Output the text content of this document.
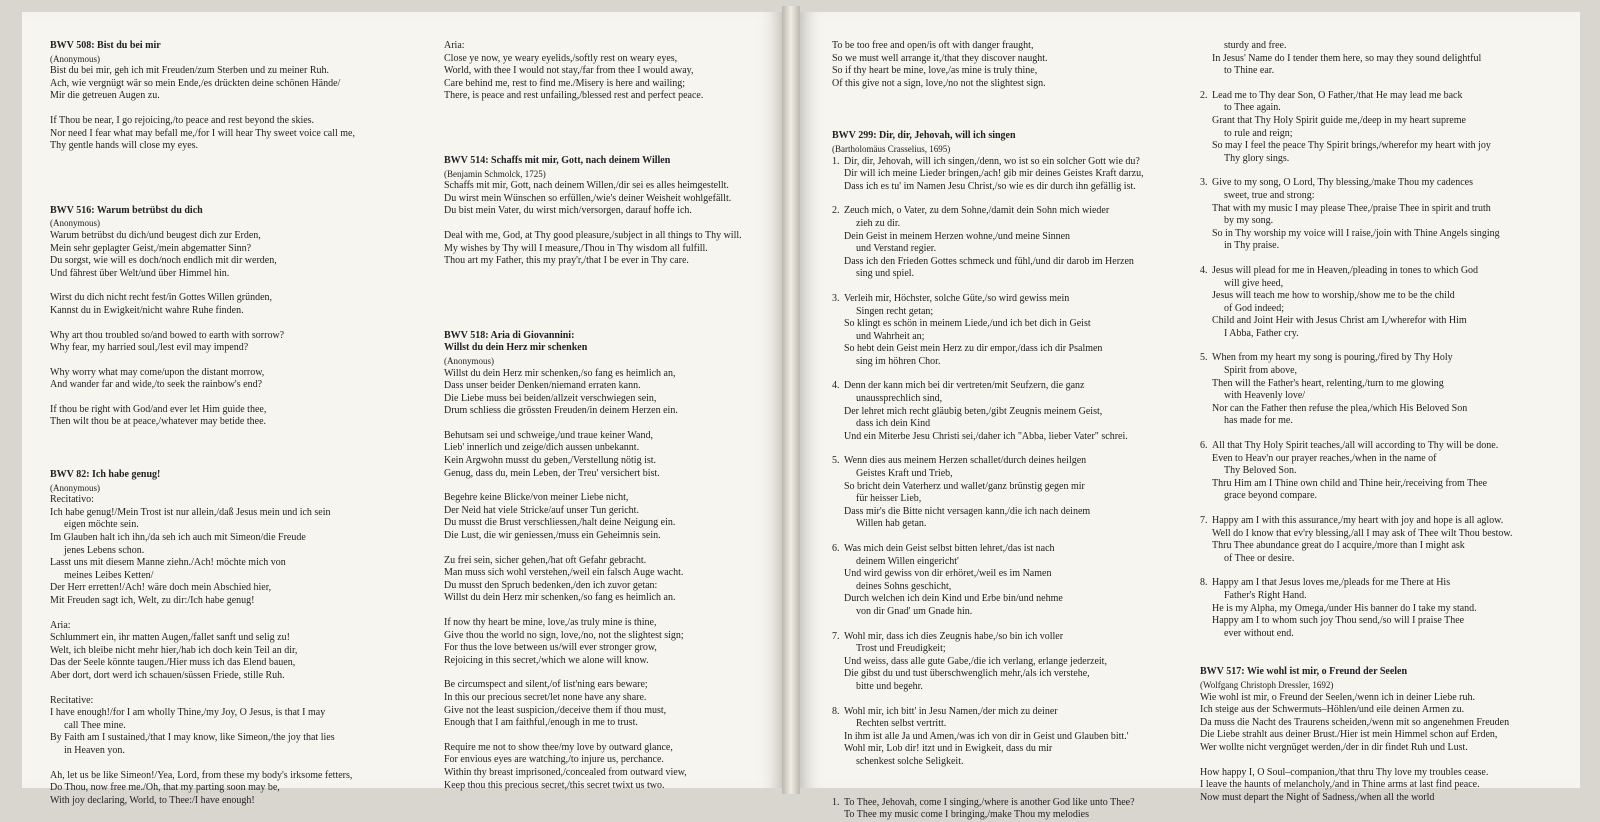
BWV 508: Bist du bei mir
(Anonymous)
Bist du bei mir, geh ich mit Freuden/zum Sterben und zu meiner Ruh.
Ach, wie vergnügt wär so mein Ende,/es drückten deine schönen Hände/
Mir die getreuen Augen zu.
If Thou be near, I go rejoicing,/to peace and rest beyond the skies.
Nor need I fear what may befall me,/for I will hear Thy sweet voice call me,
Thy gentle hands will close my eyes.
BWV 516: Warum betrübst du dich
(Anonymous)
Warum betrübst du dich/und beugest dich zur Erden,
Mein sehr geplagter Geist,/mein abgematter Sinn?
Du sorgst, wie will es doch/noch endlich mit dir werden,
Und fährest über Welt/und über Himmel hin.
Wirst du dich nicht recht fest/in Gottes Willen gründen,
Kannst du in Ewigkeit/nicht wahre Ruhe finden.
Why art thou troubled so/and bowed to earth with sorrow?
Why fear, my harried soul,/lest evil may impend?
Why worry what may come/upon the distant morrow,
And wander far and wide,/to seek the rainbow's end?
If thou be right with God/and ever let Him guide thee,
Then wilt thou be at peace,/whatever may betide thee.
BWV 82: Ich habe genug!
(Anonymous)
Recitativo:
Ich habe genug!/Mein Trost ist nur allein,/daß Jesus mein und ich sein
eigen möchte sein.
Im Glauben halt ich ihn,/da seh ich auch mit Simeon/die Freude
jenes Lebens schon.
Lasst uns mit diesem Manne ziehn./Ach! möchte mich von
meines Leibes Ketten/
Der Herr erretten!/Ach! wäre doch mein Abschied hier,
Mit Freuden sagt ich, Welt, zu dir:/Ich habe genug!
Aria:
Schlummert ein, ihr matten Augen,/fallet sanft und selig zu!
Welt, ich bleibe nicht mehr hier,/hab ich doch kein Teil an dir,
Das der Seele könnte taugen./Hier muss ich das Elend bauen,
Aber dort, dort werd ich schauen/süssen Friede, stille Ruh.
Recitative:
I have enough!/for I am wholly Thine,/my Joy, O Jesus, is that I may
call Thee mine.
By Faith am I sustained,/that I may know, like Simeon,/the joy that lies
in Heaven yon.
Ah, let us be like Simeon!/Yea, Lord, from these my body's irksome fetters,
Do Thou, now free me./Oh, that my parting soon may be,
With joy declaring, World, to Thee:/I have enough!
Aria:
Close ye now, ye weary eyelids,/softly rest on weary eyes,
World, with thee I would not stay,/far from thee I would away,
Care behind me, rest to find me./Misery is here and wailing;
There, is peace and rest unfailing,/blessed rest and perfect peace.
BWV 514: Schaffs mit mir, Gott, nach deinem Willen
(Benjamin Schmolck, 1725)
Schaffs mit mir, Gott, nach deinem Willen,/dir sei es alles heimgestellt.
Du wirst mein Wünschen so erfüllen,/wie's deiner Weisheit wohlgefällt.
Du bist mein Vater, du wirst mich/versorgen, darauf hoffe ich.
Deal with me, God, at Thy good pleasure,/subject in all things to Thy will.
My wishes by Thy will I measure,/Thou in Thy wisdom all fulfill.
Thou art my Father, this my pray'r,/that I be ever in Thy care.
BWV 518: Aria di Giovannini:
Willst du dein Herz mir schenken
(Anonymous)
Willst du dein Herz mir schenken,/so fang es heimlich an,
Dass unser beider Denken/niemand erraten kann.
Die Liebe muss bei beiden/allzeit verschwiegen sein,
Drum schliess die grössten Freuden/in deinem Herzen ein.
Behutsam sei und schweige,/und traue keiner Wand,
Lieb' innerlich und zeige/dich aussen unbekannt.
Kein Argwohn musst du geben,/Verstellung nötig ist.
Genug, dass du, mein Leben, der Treu' versichert bist.
Begehre keine Blicke/von meiner Liebe nicht,
Der Neid hat viele Stricke/auf unser Tun gericht.
Du musst die Brust verschliessen,/halt deine Neigung ein.
Die Lust, die wir geniessen,/muss ein Geheimnis sein.
Zu frei sein, sicher gehen,/hat oft Gefahr gebracht.
Man muss sich wohl verstehen,/weil ein falsch Auge wacht.
Du musst den Spruch bedenken,/den ich zuvor getan:
Willst du dein Herz mir schenken,/so fang es heimlich an.
If now thy heart be mine, love,/as truly mine is thine,
Give thou the world no sign, love,/no, not the slightest sign;
For thus the love between us/will ever stronger grow,
Rejoicing in this secret,/which we alone will know.
Be circumspect and silent,/of list'ning ears beware;
In this our precious secret/let none have any share.
Give not the least suspicion,/deceive them if thou must,
Enough that I am faithful,/enough in me to trust.
Require me not to show thee/my love by outward glance,
For envious eyes are watching,/to injure us, perchance.
Within thy breast imprisoned,/concealed from outward view,
Keep thou this precious secret,/this secret twixt us two.
To be too free and open/is oft with danger fraught,
So we must well arrange it,/that they discover naught.
So if thy heart be mine, love,/as mine is truly thine,
Of this give not a sign, love,/no not the slightest sign.
BWV 299: Dir, dir, Jehovah, will ich singen
(Bartholomäus Crasselius, 1695)
1. Dir, dir, Jehovah, will ich singen,/denn, wo ist so ein solcher Gott wie du?
Dir will ich meine Lieder bringen,/ach! gib mir deines Geistes Kraft darzu,
Dass ich es tu' im Namen Jesu Christ,/so wie es dir durch ihn gefällig ist.
2. Zeuch mich, o Vater, zu dem Sohne,/damit dein Sohn mich wieder
zieh zu dir.
Dein Geist in meinem Herzen wohne,/und meine Sinnen
und Verstand regier.
Dass ich den Frieden Gottes schmeck und fühl,/und dir darob im Herzen
sing und spiel.
3. Verleih mir, Höchster, solche Güte,/so wird gewiss mein
Singen recht getan;
So klingt es schön in meinem Liede,/und ich bet dich in Geist
und Wahrheit an;
So hebt dein Geist mein Herz zu dir empor,/dass ich dir Psalmen
sing im höhren Chor.
4. Denn der kann mich bei dir vertreten/mit Seufzern, die ganz
unaussprechlich sind,
Der lehret mich recht gläubig beten,/gibt Zeugnis meinem Geist,
dass ich dein Kind
Und ein Miterbe Jesu Christi sei,/daher ich "Abba, lieber Vater" schrei.
5. Wenn dies aus meinem Herzen schallet/durch deines heilgen
Geistes Kraft und Trieb,
So bricht dein Vaterherz und wallet/ganz brünstig gegen mir
für heisser Lieb,
Dass mir's die Bitte nicht versagen kann,/die ich nach deinem
Willen hab getan.
6. Was mich dein Geist selbst bitten lehret,/das ist nach
deinem Willen eingericht'
Und wird gewiss von dir erhöret,/weil es im Namen
deines Sohns geschicht,
Durch welchen ich dein Kind und Erbe bin/und nehme
von dir Gnad' um Gnade hin.
7. Wohl mir, dass ich dies Zeugnis habe,/so bin ich voller
Trost und Freudigkeit;
Und weiss, dass alle gute Gabe,/die ich verlang, erlange jederzeit,
Die gibst du und tust überschwenglich mehr,/als ich verstehe,
bitte und begehr.
8. Wohl mir, ich bitt' in Jesu Namen,/der mich zu deiner
Rechten selbst vertritt.
In ihm ist alle Ja und Amen,/was ich von dir in Geist und Glauben bitt.'
Wohl mir, Lob dir! itzt und in Ewigkeit, dass du mir
schenkest solche Seligkeit.
1. To Thee, Jehovah, come I singing,/where is another God like unto Thee?
To Thee my music come I bringing,/make Thou my melodies
sturdy and free.
In Jesus' Name do I tender them here, so may they sound delightful
to Thine ear.
2. Lead me to Thy dear Son, O Father,/that He may lead me back
to Thee again.
Grant that Thy Holy Spirit guide me,/deep in my heart supreme
to rule and reign;
So may I feel the peace Thy Spirit brings,/wherefor my heart with joy
Thy glory sings.
3. Give to my song, O Lord, Thy blessing,/make Thou my cadences
sweet, true and strong:
That with my music I may please Thee,/praise Thee in spirit and truth
by my song.
So in Thy worship my voice will I raise,/join with Thine Angels singing
in Thy praise.
4. Jesus will plead for me in Heaven,/pleading in tones to which God
will give heed,
Jesus will teach me how to worship,/show me to be the child
of God indeed;
Child and Joint Heir with Jesus Christ am I,/wherefor with Him
I Abba, Father cry.
5. When from my heart my song is pouring,/fired by Thy Holy
Spirit from above,
Then will the Father's heart, relenting,/turn to me glowing
with Heavenly love/
Nor can the Father then refuse the plea,/which His Beloved Son
has made for me.
6. All that Thy Holy Spirit teaches,/all will according to Thy will be done.
Even to Heav'n our prayer reaches,/when in the name of
Thy Beloved Son.
Thru Him am I Thine own child and Thine heir,/receiving from Thee
grace beyond compare.
7. Happy am I with this assurance,/my heart with joy and hope is all aglow.
Well do I know that ev'ry blessing,/all I may ask of Thee wilt Thou bestow.
Thru Thee abundance great do I acquire,/more than I might ask
of Thee or desire.
8. Happy am I that Jesus loves me,/pleads for me There at His
Father's Right Hand.
He is my Alpha, my Omega,/under His banner do I take my stand.
Happy am I to whom such joy Thou send,/so will I praise Thee
ever without end.
BWV 517: Wie wohl ist mir, o Freund der Seelen
(Wolfgang Christoph Dressler, 1692)
Wie wohl ist mir, o Freund der Seelen,/wenn ich in deiner Liebe ruh.
Ich steige aus der Schwermuts–Höhlen/und eile deinen Armen zu.
Da muss die Nacht des Traurens scheiden,/wenn mit so angenehmen Freuden
Die Liebe strahlt aus deiner Brust./Hier ist mein Himmel schon auf Erden,
Wer wollte nicht vergnüget werden,/der in dir findet Ruh und Lust.
How happy I, O Soul–companion,/that thru Thy love my troubles cease.
I leave the haunts of melancholy,/and in Thine arms at last find peace.
Now must depart the Night of Sadness,/when all the world
